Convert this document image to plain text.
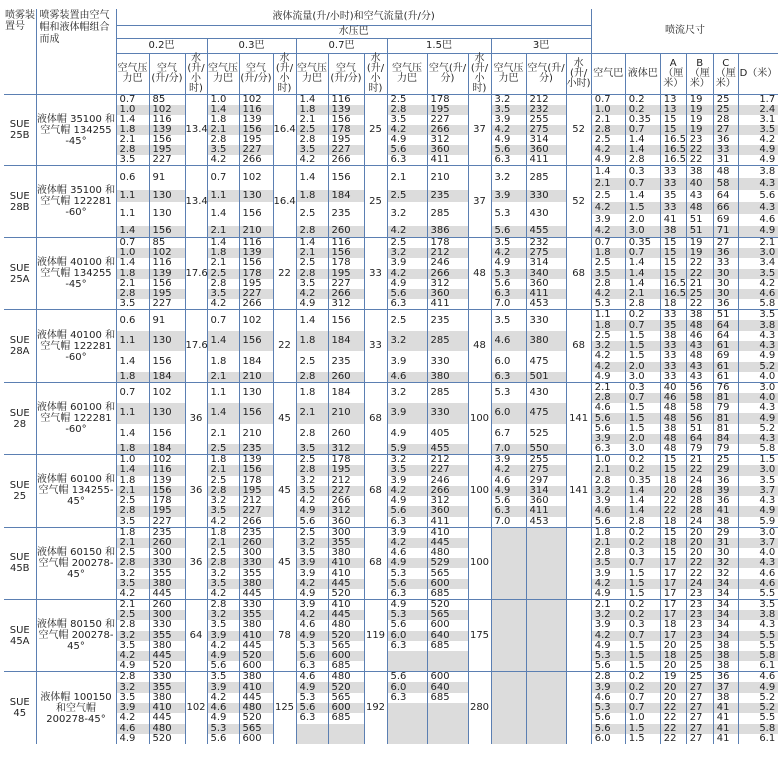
喷雾装置号	喷雾装置由空气帽和液体帽组合而成	液体流量(升/小时)和空气流量(升/分)															喷流尺寸					
		水压巴																				
		0.2巴			0.3巴			0.7巴			1.5巴			3巴								
		空气压力巴	空气(升/分)	水(升/小时)	空气压力巴	空气(升/分)	水(升/小时)	空气压力巴	空气(升/分)	水(升/小时)	空气压力巴	空气(升/分)	水(升/小时)	空气压力巴	空气(升/分)	水(升/小时)	空气巴	液体巴	A（厘米）	B（厘米）	C（厘米）	D（米）
SUE 25B	液体帽 35100 和空气帽 134255 -45°	0.7	85	13.4	1.0	102	16.4	1.4	116	25	2.5	178	37	3.2	212	52	0.7	0.2	13	19	25	1.7
		1.0	102		1.4	116		1.8	139		2.8	195		3.5	232		1.0	0.2	13	19	25	2.4
		1.4	116		1.8	139		2.1	156		3.5	227		3.9	255		2.1	0.35	15	19	28	3.1
		1.8	139		2.1	156		2.5	178		4.2	266		4.2	275		2.8	0.7	15	19	27	3.5
		2.1	156		2.8	195		2.8	195		4.9	312		4.9	314		2.5	1.4	16.5	23	36	4.2
		2.8	195		3.5	227		3.5	227		5.6	360		5.6	360		4.2	1.4	16.5	22	33	4.9
		3.5	227		4.2	266		4.2	266		6.3	411		6.3	411		4.9	2.8	16.5	22	31	4.9
SUE 28B	液体帽 35100 和空气帽 122281 -60°	0.6	91	13.4	0.7	102	16.4	1.4	156	25	2.1	210	37	3.2	285	52	1.4	0.3	33	38	48	3.8
																	2.1	0.7	33	40	58	4.3
		1.1	130		1.1	130		1.8	184		2.5	235		3.9	330		2.5	1.4	35	43	64	5.6
		1.1	130		1.4	156		2.5	235		3.2	285		5.3	430		4.2	1.5	33	48	66	4.3
																	3.9	2.0	41	51	69	4.6
		1.4	156		2.1	210		2.8	260		4.2	386		5.6	455		4.2	3.0	38	51	71	4.9
SUE 25A	液体帽 40100 和空气帽 134255 -45°	0.7	85	17.6	1.4	116	22	1.4	116	33	2.5	178	48	3.5	232	68	0.7	0.35	15	19	27	2.1
		1.0	102		1.8	139		2.1	156		3.2	212		4.2	275		1.8	0.7	15	19	36	3.0
		1.4	116		2.1	156		2.5	178		3.9	246		4.9	314		2.5	1.4	15	22	33	3.4
		1.8	139		2.5	178		2.8	195		4.2	266		5.3	340		3.5	1.4	15	22	30	3.5
		2.1	156		2.8	195		3.5	227		4.9	312		5.6	360		2.8	1.4	16.5	21	30	4.2
		2.8	195		3.5	227		4.2	266		5.6	360		6.3	411		4.2	2.1	16.5	25	30	4.6
		3.5	227		4.2	266		4.9	312		6.3	411		7.0	453		5.3	2.8	18	22	36	5.8
SUE 28A	液体帽 40100 和空气帽 122281 -60°	0.6	91	17.6	0.7	102	22	1.4	156	33	2.5	235	48	3.5	330	68	1.1	0.2	33	38	51	3.5
																	1.8	0.7	35	48	64	3.8
		1.1	130		1.4	156		1.8	184		3.2	285		4.6	380		2.5	1.5	38	46	64	4.3
																	3.2	1.5	33	43	61	4.3
		1.4	156		1.8	184		2.5	235		3.9	330		6.0	475		4.2	1.5	33	48	69	4.9
																	4.2	2.0	33	43	61	5.2
		1.8	184		2.1	210		2.8	260		4.6	380		6.3	501		4.9	3.0	33	43	61	4.0
SUE 28	液体帽 60100 和空气帽 122281 -60°	0.7	102	36	1.1	130	45	1.8	184	68	3.2	285	100	5.3	430	141	2.1	0.3	40	56	76	3.0
																	2.8	0.7	46	58	81	4.0
		1.1	130		1.4	156		2.1	210		3.9	330		6.0	475		4.6	1.5	48	58	79	4.3
																	5.6	1.5	48	56	81	4.9
		1.4	156		2.1	210		2.8	260		4.9	405		6.7	525		5.6	1.5	38	51	81	5.2
																	3.9	2.0	48	64	84	4.3
		1.8	184		2.5	235		3.5	312		5.9	455		7.0	550		6.3	3.0	48	79	79	5.8
SUE 25	液体帽 60100 和空气帽 134255-45°	1.0	102	36	1.8	139	45	2.5	178	68	3.2	212	100	3.9	255	141	1.0	0.2	15	21	25	1.5
		1.4	116		2.1	156		2.8	195		3.5	227		4.2	275		2.1	0.2	15	22	29	3.0
		1.8	139		2.5	178		3.2	212		3.9	246		4.6	297		2.8	0.35	18	24	36	3.5
		2.1	156		2.8	195		3.5	227		4.2	266		4.9	314		3.2	1.4	20	28	39	3.7
		2.5	178		3.2	212		4.2	266		4.9	312		5.6	360		3.9	1.4	22	28	36	4.3
		2.8	195		3.5	227		4.9	312		5.6	360		6.3	411		4.6	1.4	22	28	41	4.9
		3.5	227		4.2	266		5.6	360		6.3	411		7.0	453		5.6	2.8	18	24	38	5.9
SUE 45B	液体帽 60150 和空气帽 200278-45°	1.8	235	36	1.8	235	45	2.5	300	68	3.9	410	100				1.8	0.2	15	20	29	3.0
		2.1	260		2.1	260		3.2	355		4.2	445					2.1	0.2	18	20	31	3.7
		2.5	300		2.5	300		3.5	380		4.6	480					2.8	0.3	15	20	30	4.0
		2.8	330		2.8	330		3.9	410		4.9	529					3.5	0.7	17	22	32	4.3
		3.2	355		3.2	355		3.9	410		5.3	565					3.9	1.5	17	22	32	4.6
		3.5	380		3.5	380		4.2	445		5.6	600					4.2	1.5	17	24	34	4.6
		4.2	445		4.2	445		4.9	520		6.3	685					4.9	1.5	17	23	34	5.5
SUE 45A	液体帽 80150 和空气帽 200278-45°	2.1	260	64	2.8	330	78	3.9	410	119	4.9	520	175				2.1	0.2	17	23	34	3.5
		2.5	300		3.2	355		4.2	445		5.3	565					3.2	0.2	17	23	34	3.8
		2.8	330		3.5	380		4.6	480		5.6	600					3.9	0.3	18	23	34	4.3
		3.2	355		3.9	410		4.9	520		6.0	640					4.2	0.7	17	23	34	5.5
		3.5	380		4.2	445		5.3	565		6.3	685					4.9	1.5	20	25	38	5.5
		4.2	445		4.9	520		5.6	600								5.3	1.5	18	25	38	5.8
		4.9	520		5.6	600		6.3	685								5.6	1.5	20	25	38	6.1
SUE 45	液体帽 100150 和空气帽 200278-45°	2.8	330	102	3.5	380	125	4.6	480	192	5.6	600	280				2.8	0.2	19	25	36	4.6
		3.2	355		3.9	410		4.9	520		6.0	640					3.9	0.2	20	27	37	4.9
		3.5	380		4.2	445		5.3	565		6.3	685					4.6	0.7	20	27	38	5.2
		3.9	410		4.6	480		5.6	600								5.3	0.7	22	27	41	5.2
		4.2	445		4.9	520		6.3	685								5.6	1.0	22	27	41	5.5
		4.6	480		5.3	565											5.6	1.5	22	27	41	5.8
		4.9	520		5.6	600											6.0	1.5	22	27	41	6.1
